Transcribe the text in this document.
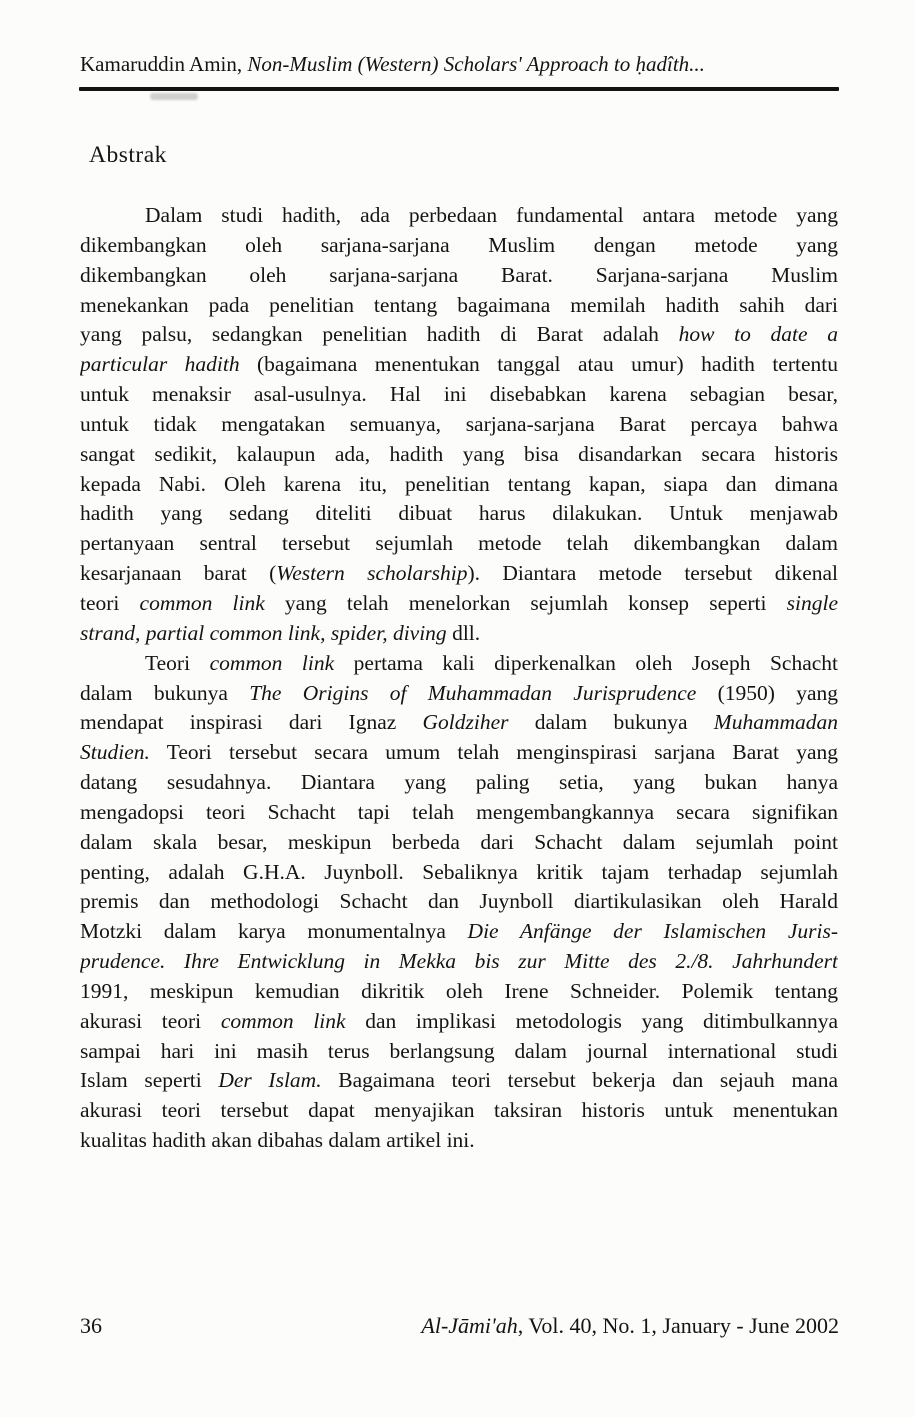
Kamaruddin Amin, Non-Muslim (Western) Scholars' Approach to ḥadîth...
Abstrak
Dalam studi hadith, ada perbedaan fundamental antara metode yang
dikembangkan oleh sarjana-sarjana Muslim dengan metode yang
dikembangkan oleh sarjana-sarjana Barat. Sarjana-sarjana Muslim
menekankan pada penelitian tentang bagaimana memilah hadith sahih dari
yang palsu, sedangkan penelitian hadith di Barat adalah how to date a
particular hadith (bagaimana menentukan tanggal atau umur) hadith tertentu
untuk menaksir asal-usulnya. Hal ini disebabkan karena sebagian besar,
untuk tidak mengatakan semuanya, sarjana-sarjana Barat percaya bahwa
sangat sedikit, kalaupun ada, hadith yang bisa disandarkan secara historis
kepada Nabi. Oleh karena itu, penelitian tentang kapan, siapa dan dimana
hadith yang sedang diteliti dibuat harus dilakukan. Untuk menjawab
pertanyaan sentral tersebut sejumlah metode telah dikembangkan dalam
kesarjanaan barat (Western scholarship). Diantara metode tersebut dikenal
teori common link yang telah menelorkan sejumlah konsep seperti single
strand, partial common link, spider, diving dll.
Teori common link pertama kali diperkenalkan oleh Joseph Schacht
dalam bukunya The Origins of Muhammadan Jurisprudence (1950) yang
mendapat inspirasi dari Ignaz Goldziher dalam bukunya Muhammadan
Studien. Teori tersebut secara umum telah menginspirasi sarjana Barat yang
datang sesudahnya. Diantara yang paling setia, yang bukan hanya
mengadopsi teori Schacht tapi telah mengembangkannya secara signifikan
dalam skala besar, meskipun berbeda dari Schacht dalam sejumlah point
penting, adalah G.H.A. Juynboll. Sebaliknya kritik tajam terhadap sejumlah
premis dan methodologi Schacht dan Juynboll diartikulasikan oleh Harald
Motzki dalam karya monumentalnya Die Anfänge der Islamischen Juris-
prudence. Ihre Entwicklung in Mekka bis zur Mitte des 2./8. Jahrhundert
1991, meskipun kemudian dikritik oleh Irene Schneider. Polemik tentang
akurasi teori common link dan implikasi metodologis yang ditimbulkannya
sampai hari ini masih terus berlangsung dalam journal international studi
Islam seperti Der Islam. Bagaimana teori tersebut bekerja dan sejauh mana
akurasi teori tersebut dapat menyajikan taksiran historis untuk menentukan
kualitas hadith akan dibahas dalam artikel ini.
36	Al-Jāmi'ah, Vol. 40, No. 1, January - June 2002
